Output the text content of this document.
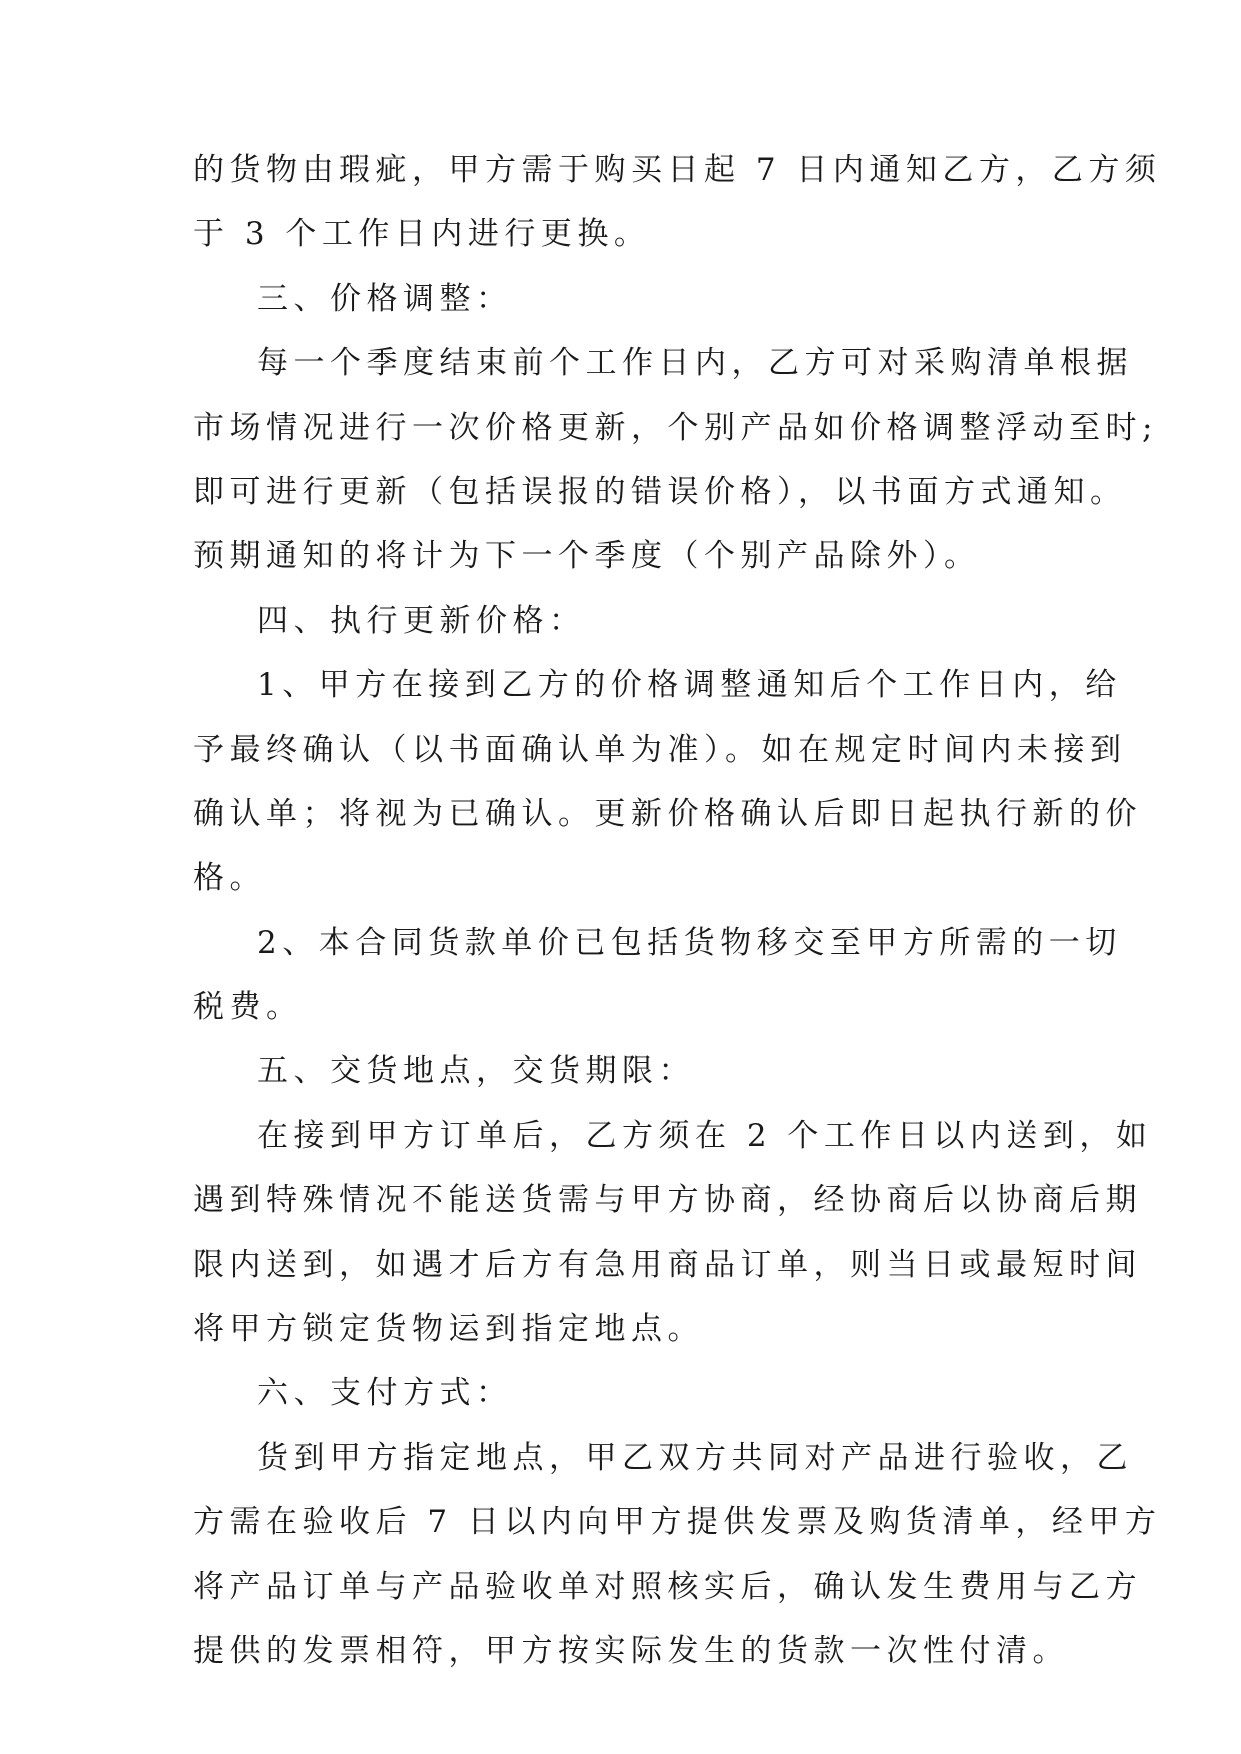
的货物由瑕疵，甲方需于购买日起 7 日内通知乙方，乙方须
于 3 个工作日内进行更换。
三、价格调整：
每一个季度结束前个工作日内，乙方可对采购清单根据
市场情况进行一次价格更新，个别产品如价格调整浮动至时;
即可进行更新（包括误报的错误价格），以书面方式通知。
预期通知的将计为下一个季度（个别产品除外）。
四、执行更新价格：
1、甲方在接到乙方的价格调整通知后个工作日内，给
予最终确认（以书面确认单为准）。如在规定时间内未接到
确认单；将视为已确认。更新价格确认后即日起执行新的价
格。
2、本合同货款单价已包括货物移交至甲方所需的一切
税费。
五、交货地点，交货期限：
在接到甲方订单后，乙方须在 2 个工作日以内送到，如
遇到特殊情况不能送货需与甲方协商，经协商后以协商后期
限内送到，如遇才后方有急用商品订单，则当日或最短时间
将甲方锁定货物运到指定地点。
六、支付方式：
货到甲方指定地点，甲乙双方共同对产品进行验收，乙
方需在验收后 7 日以内向甲方提供发票及购货清单，经甲方
将产品订单与产品验收单对照核实后，确认发生费用与乙方
提供的发票相符，甲方按实际发生的货款一次性付清。
